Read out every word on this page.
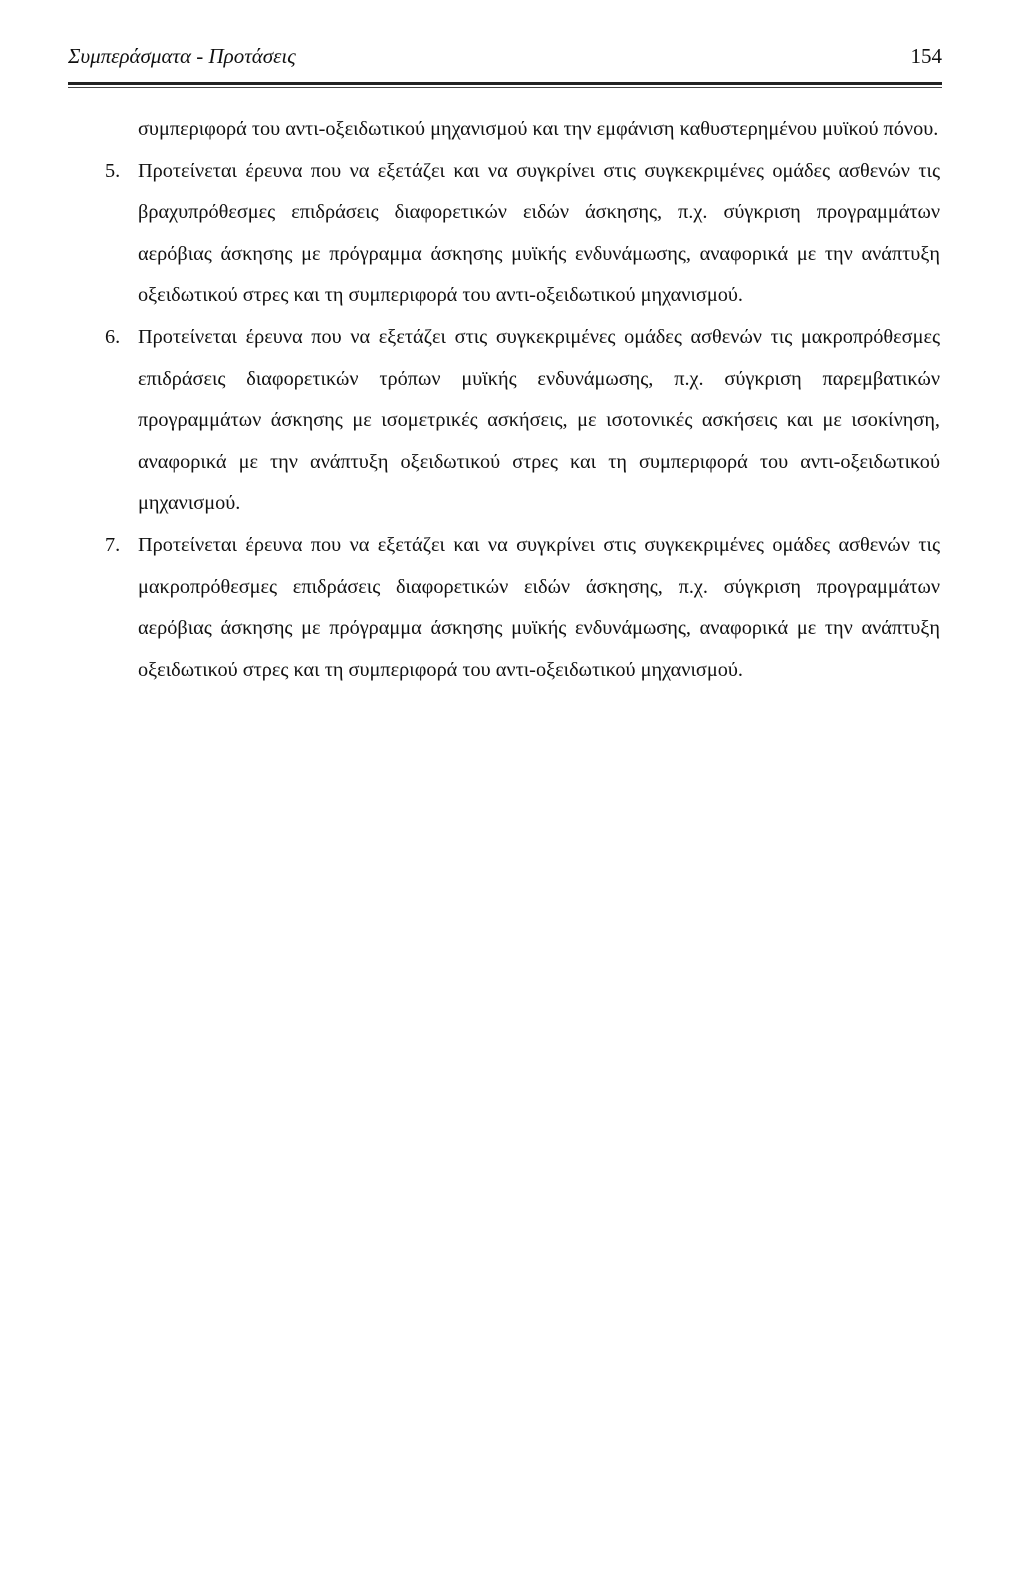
Συμπεράσματα - Προτάσεις	154

συμπεριφορά του αντι-οξειδωτικού μηχανισμού και την εμφάνιση καθυστερημένου μυϊκού πόνου.

5. Προτείνεται έρευνα που να εξετάζει και να συγκρίνει στις συγκεκριμένες ομάδες ασθενών τις βραχυπρόθεσμες επιδράσεις διαφορετικών ειδών άσκησης, π.χ. σύγκριση προγραμμάτων αερόβιας άσκησης με πρόγραμμα άσκησης μυϊκής ενδυνάμωσης, αναφορικά με την ανάπτυξη οξειδωτικού στρες και τη συμπεριφορά του αντι-οξειδωτικού μηχανισμού.
6. Προτείνεται έρευνα που να εξετάζει στις συγκεκριμένες ομάδες ασθενών τις μακροπρόθεσμες επιδράσεις διαφορετικών τρόπων μυϊκής ενδυνάμωσης, π.χ. σύγκριση παρεμβατικών προγραμμάτων άσκησης με ισομετρικές ασκήσεις, με ισοτονικές ασκήσεις και με ισοκίνηση, αναφορικά με την ανάπτυξη οξειδωτικού στρες και τη συμπεριφορά του αντι-οξειδωτικού μηχανισμού.
7. Προτείνεται έρευνα που να εξετάζει και να συγκρίνει στις συγκεκριμένες ομάδες ασθενών τις μακροπρόθεσμες επιδράσεις διαφορετικών ειδών άσκησης, π.χ. σύγκριση προγραμμάτων αερόβιας άσκησης με πρόγραμμα άσκησης μυϊκής ενδυνάμωσης, αναφορικά με την ανάπτυξη οξειδωτικού στρες και τη συμπεριφορά του αντι-οξειδωτικού μηχανισμού.
